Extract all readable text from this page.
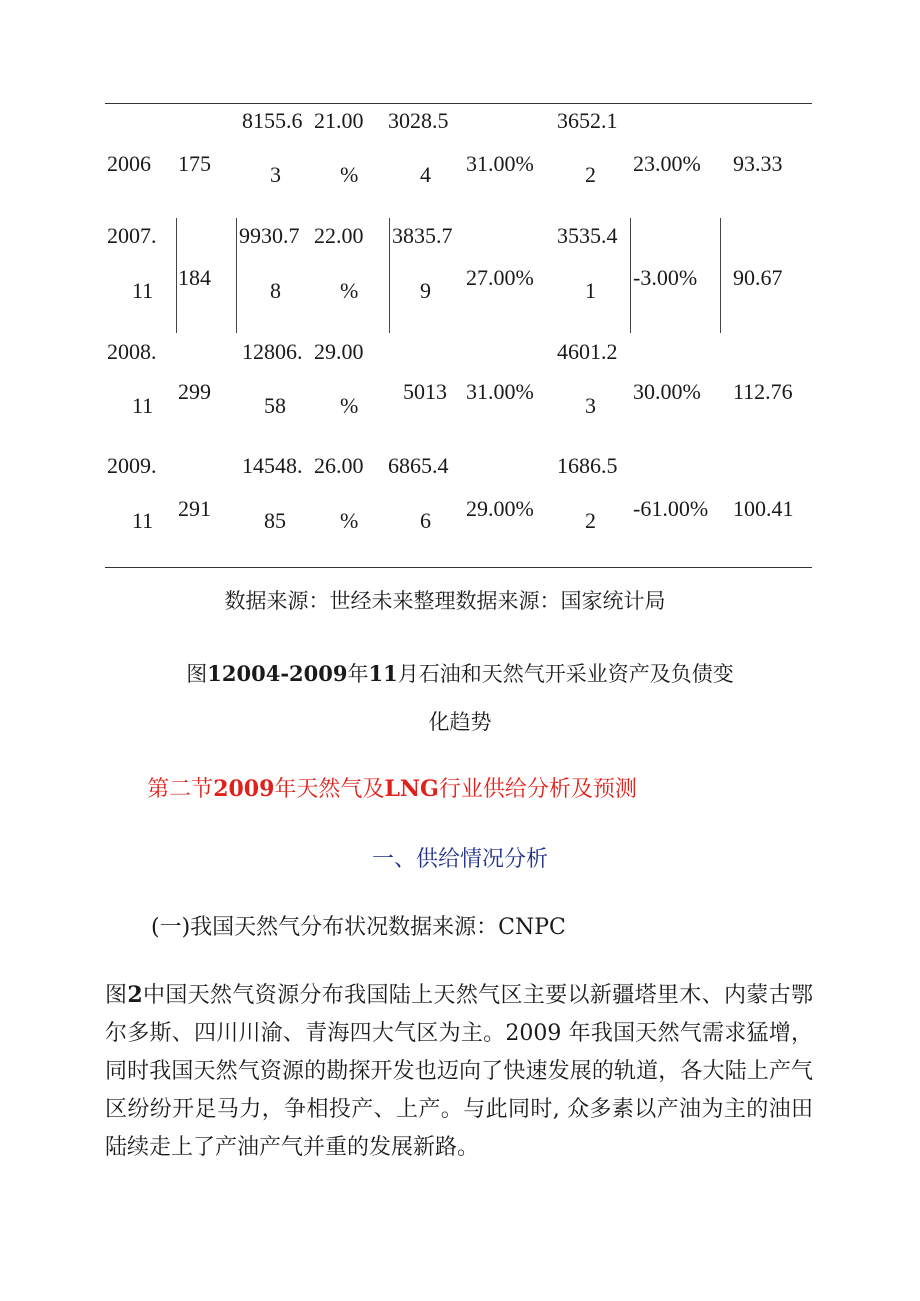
2006 175
8155.6
3
21.00
%
3028.5
4 31.00%
3652.1
2 23.00% 93.33
2007.
11
184
9930.7
8
22.00
%
3835.7
9
27.00%
3535.4
1
-3.00% 90.67
2008.
11
299
12806.
58
29.00
%
5013 31.00%
4601.2
3
30.00% 112.76
2009.
11 291
14548.
85
26.00
%
6865.4
6 29.00%
1686.5
2 -61.00% 100.41
数据来源：世经未来整理数据来源：国家统计局
图12004-2009年11月石油和天然气开采业资产及负债变
化趋势
第二节2009年天然气及LNG行业供给分析及预测
一、供给情况分析
(一)我国天然气分布状况数据来源：CNPC
图2中国天然气资源分布我国陆上天然气区主要以新疆塔里木、内蒙古鄂尔多斯、四川川渝、青海四大气区为主。2009 年我国天然气需求猛增，同时我国天然气资源的勘探开发也迈向了快速发展的轨道，各大陆上产气区纷纷开足马力，争相投产、上产。与此同时, 众多素以产油为主的油田陆续走上了产油产气并重的发展新路。
